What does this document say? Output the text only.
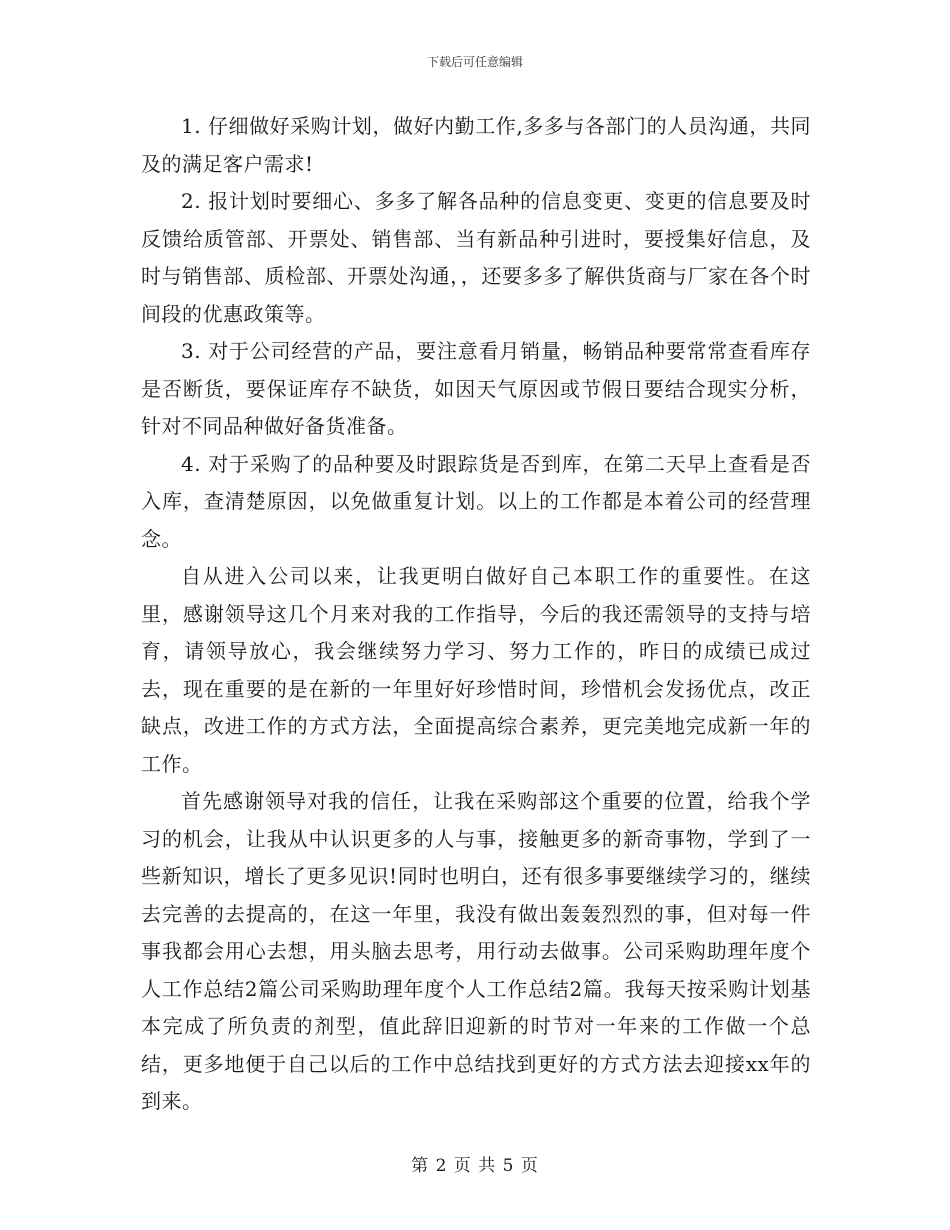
下载后可任意编辑

1. 仔细做好采购计划，做好内勤工作,多多与各部门的人员沟通，共同及的满足客户需求!

2. 报计划时要细心、多多了解各品种的信息变更、变更的信息要及时反馈给质管部、开票处、销售部、当有新品种引进时，要授集好信息，及时与销售部、质检部、开票处沟通，，还要多多了解供货商与厂家在各个时间段的优惠政策等。

3. 对于公司经营的产品，要注意看月销量，畅销品种要常常查看库存是否断货，要保证库存不缺货，如因天气原因或节假日要结合现实分析，针对不同品种做好备货准备。

4. 对于采购了的品种要及时跟踪货是否到库，在第二天早上查看是否入库，查清楚原因，以免做重复计划。以上的工作都是本着公司的经营理念。

自从进入公司以来，让我更明白做好自己本职工作的重要性。在这里，感谢领导这几个月来对我的工作指导，今后的我还需领导的支持与培育，请领导放心，我会继续努力学习、努力工作的，昨日的成绩已成过去，现在重要的是在新的一年里好好珍惜时间，珍惜机会发扬优点，改正缺点，改进工作的方式方法，全面提高综合素养，更完美地完成新一年的工作。

首先感谢领导对我的信任，让我在采购部这个重要的位置，给我个学习的机会，让我从中认识更多的人与事，接触更多的新奇事物，学到了一些新知识，增长了更多见识!同时也明白，还有很多事要继续学习的，继续去完善的去提高的，在这一年里，我没有做出轰轰烈烈的事，但对每一件事我都会用心去想，用头脑去思考，用行动去做事。公司采购助理年度个人工作总结2篇公司采购助理年度个人工作总结2篇。我每天按采购计划基本完成了所负责的剂型，值此辞旧迎新的时节对一年来的工作做一个总结，更多地便于自己以后的工作中总结找到更好的方式方法去迎接xx年的到来。

第 2 页 共 5 页
